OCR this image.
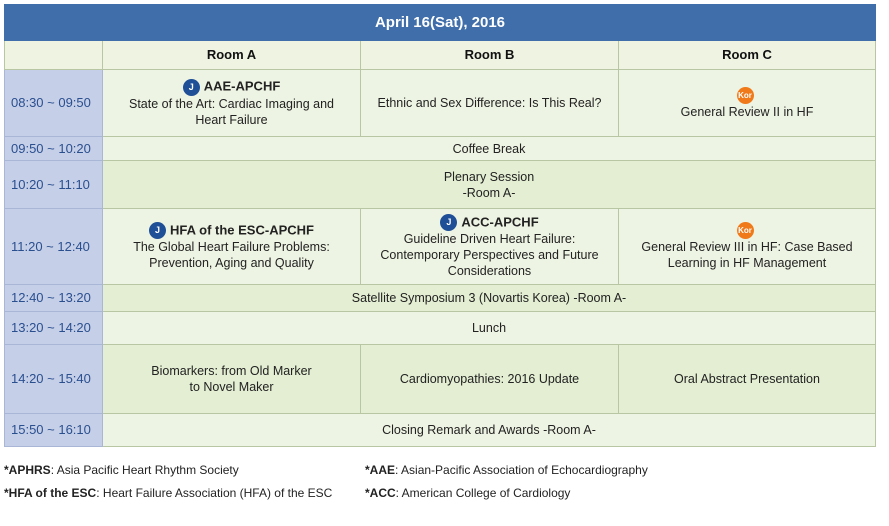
April 16(Sat), 2016			
	Room A	Room B	Room C
08:30 ~ 09:50	J AAE-APCHF
State of the Art: Cardiac Imaging and
Heart Failure	Ethnic and Sex Difference: Is This Real?	Kor
General Review II in HF

09:50 ~ 10:20	Coffee Break		
10:20 ~ 11:10	Plenary Session
-Room A-		

11:20 ~ 12:40	J HFA of the ESC-APCHF
The Global Heart Failure Problems:
Prevention, Aging and Quality	J ACC-APCHF
Guideline Driven Heart Failure:
Contemporary Perspectives and Future
Considerations	Kor
General Review III in HF: Case Based
Learning in HF Management

12:40 ~ 13:20	Satellite Symposium 3 (Novartis Korea) -Room A-		
13:20 ~ 14:20	Lunch		
14:20 ~ 15:40	Biomarkers: from Old Marker
to Novel Maker	Cardiomyopathies: 2016 Update	Oral Abstract Presentation
15:50 ~ 16:10	Closing Remark and Awards -Room A-		
*APHRS: Asia Pacific Heart Rhythm Society	*AAE: Asian-Pacific Association of Echocardiography
*HFA of the ESC: Heart Failure Association (HFA) of the ESC	*ACC: American College of Cardiology
